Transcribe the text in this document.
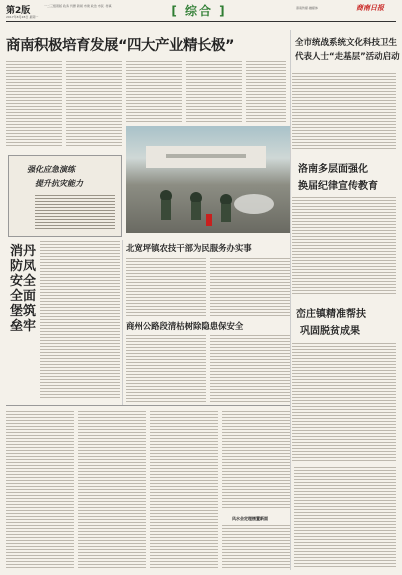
第2版	一二三组领版 政务 刊群 新闻 市建 政治 市民 ·传真
2017年8月28日 星期一	[ 综合 ]	商南传媒·融媒体	商南日报
商南积极培育发展“四大产业精长极”	全市统战系统文化科技卫生
代表人士“走基层”活动启动
强化应急演练
提升抗灾能力
丹凤全面筑牢
消防安全堡垒
北宽坪镇农技干部为民服务办实事
商州公路段清枯树除隐患保安全
洛南多层面强化
换届纪律宣传教育
峦庄镇精准帮扶
巩固脱贫成果
风水会定理摆置新面
